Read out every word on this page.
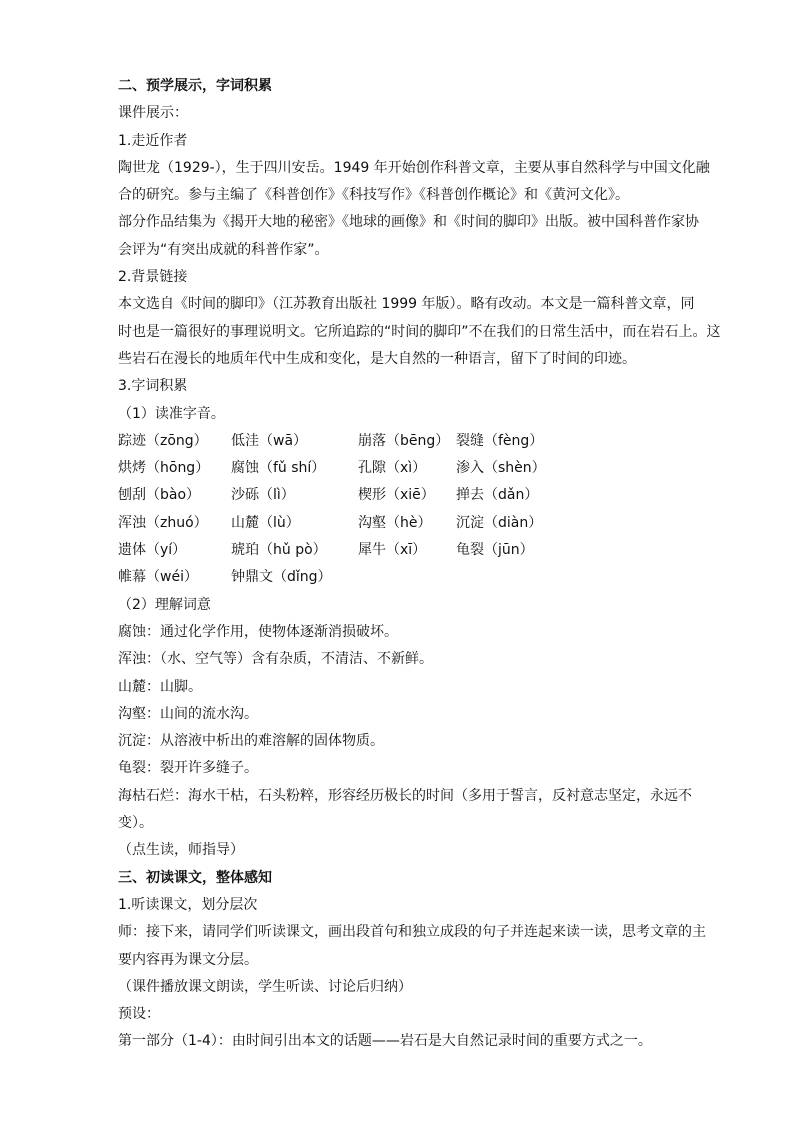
二、预学展示，字词积累
课件展示：
1.走近作者
陶世龙（1929-），生于四川安岳。1949 年开始创作科普文章，主要从事自然科学与中国文化融
合的研究。参与主编了《科普创作》《科技写作》《科普创作概论》和《黄河文化》。
部分作品结集为《揭开大地的秘密》《地球的画像》和《时间的脚印》出版。被中国科普作家协
会评为“有突出成就的科普作家”。
2.背景链接
本文选自《时间的脚印》（江苏教育出版社 1999 年版）。略有改动。本文是一篇科普文章，同
时也是一篇很好的事理说明文。它所追踪的“时间的脚印”不在我们的日常生活中，而在岩石上。这
些岩石在漫长的地质年代中生成和变化，是大自然的一种语言，留下了时间的印迹。
3.字词积累
（1）读准字音。
踪迹（zōng）	低洼（wā）	崩落（bēng） 裂缝（fèng）
烘烤（hōng）	腐蚀（fǔ shí）	孔隙（xì）	渗入（shèn）
刨刮（bào）	沙砾（lì）	楔形（xiē）	掸去（dǎn）
浑浊（zhuó）	山麓（lù）	沟壑（hè）	沉淀（diàn）
遗体（yí）	琥珀（hǔ pò）	犀牛（xī）	龟裂（jūn）
帷幕（wéi）	钟鼎文（dǐng）
（2）理解词意
腐蚀：通过化学作用，使物体逐渐消损破坏。
浑浊：（水、空气等）含有杂质，不清洁、不新鲜。
山麓：山脚。
沟壑：山间的流水沟。
沉淀：从溶液中析出的难溶解的固体物质。
龟裂：裂开许多缝子。
海枯石烂：海水干枯，石头粉粹，形容经历极长的时间（多用于誓言，反衬意志坚定，永远不
变）。
（点生读，师指导）
三、初读课文，整体感知
1.听读课文，划分层次
师：接下来，请同学们听读课文，画出段首句和独立成段的句子并连起来读一读，思考文章的主
要内容再为课文分层。
（课件播放课文朗读，学生听读、讨论后归纳）
预设：
第一部分（1-4）：由时间引出本文的话题——岩石是大自然记录时间的重要方式之一。
